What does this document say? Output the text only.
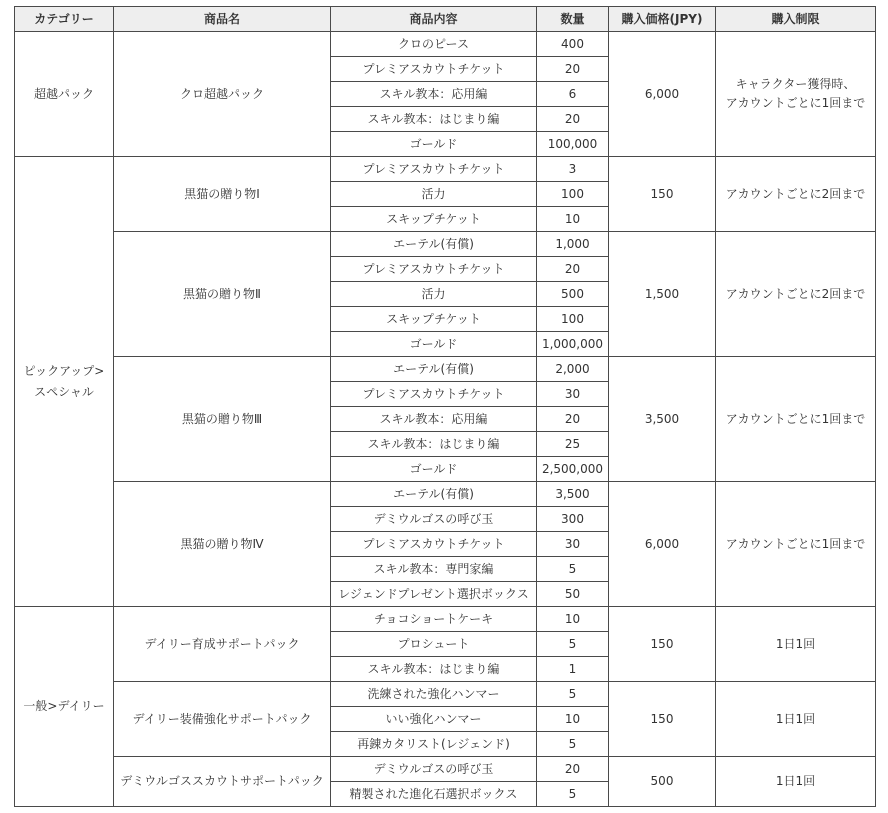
カテゴリー	商品名	商品内容	数量	購入価格(JPY)	購入制限
超越パック	クロ超越パック	クロのピース	400	6,000	キャラクター獲得時、
アカウントごとに1回まで
		プレミアスカウトチケット	20		
		スキル教本：応用編	6		
		スキル教本：はじまり編	20		
		ゴールド	100,000		
ピックアップ>
スペシャル	黒猫の贈り物Ⅰ	プレミアスカウトチケット	3	150	アカウントごとに2回まで
		活力	100		
		スキップチケット	10		
	黒猫の贈り物Ⅱ	エーテル(有償)	1,000	1,500	アカウントごとに2回まで
		プレミアスカウトチケット	20		
		活力	500		
		スキップチケット	100		
		ゴールド	1,000,000		
	黒猫の贈り物Ⅲ	エーテル(有償)	2,000	3,500	アカウントごとに1回まで
		プレミアスカウトチケット	30		
		スキル教本：応用編	20		
		スキル教本：はじまり編	25		
		ゴールド	2,500,000		
	黒猫の贈り物Ⅳ	エーテル(有償)	3,500	6,000	アカウントごとに1回まで
		デミウルゴスの呼び玉	300		
		プレミアスカウトチケット	30		
		スキル教本：専門家編	5		
		レジェンドプレゼント選択ボックス	50		
一般>デイリー	デイリー育成サポートパック	チョコショートケーキ	10	150	1日1回
		プロシュート	5		
		スキル教本：はじまり編	1		
	デイリー装備強化サポートパック	洗練された強化ハンマー	5	150	1日1回
		いい強化ハンマー	10		
		再錬カタリスト(レジェンド)	5		
	デミウルゴススカウトサポートパック	デミウルゴスの呼び玉	20	500	1日1回
		精製された進化石選択ボックス	5		
